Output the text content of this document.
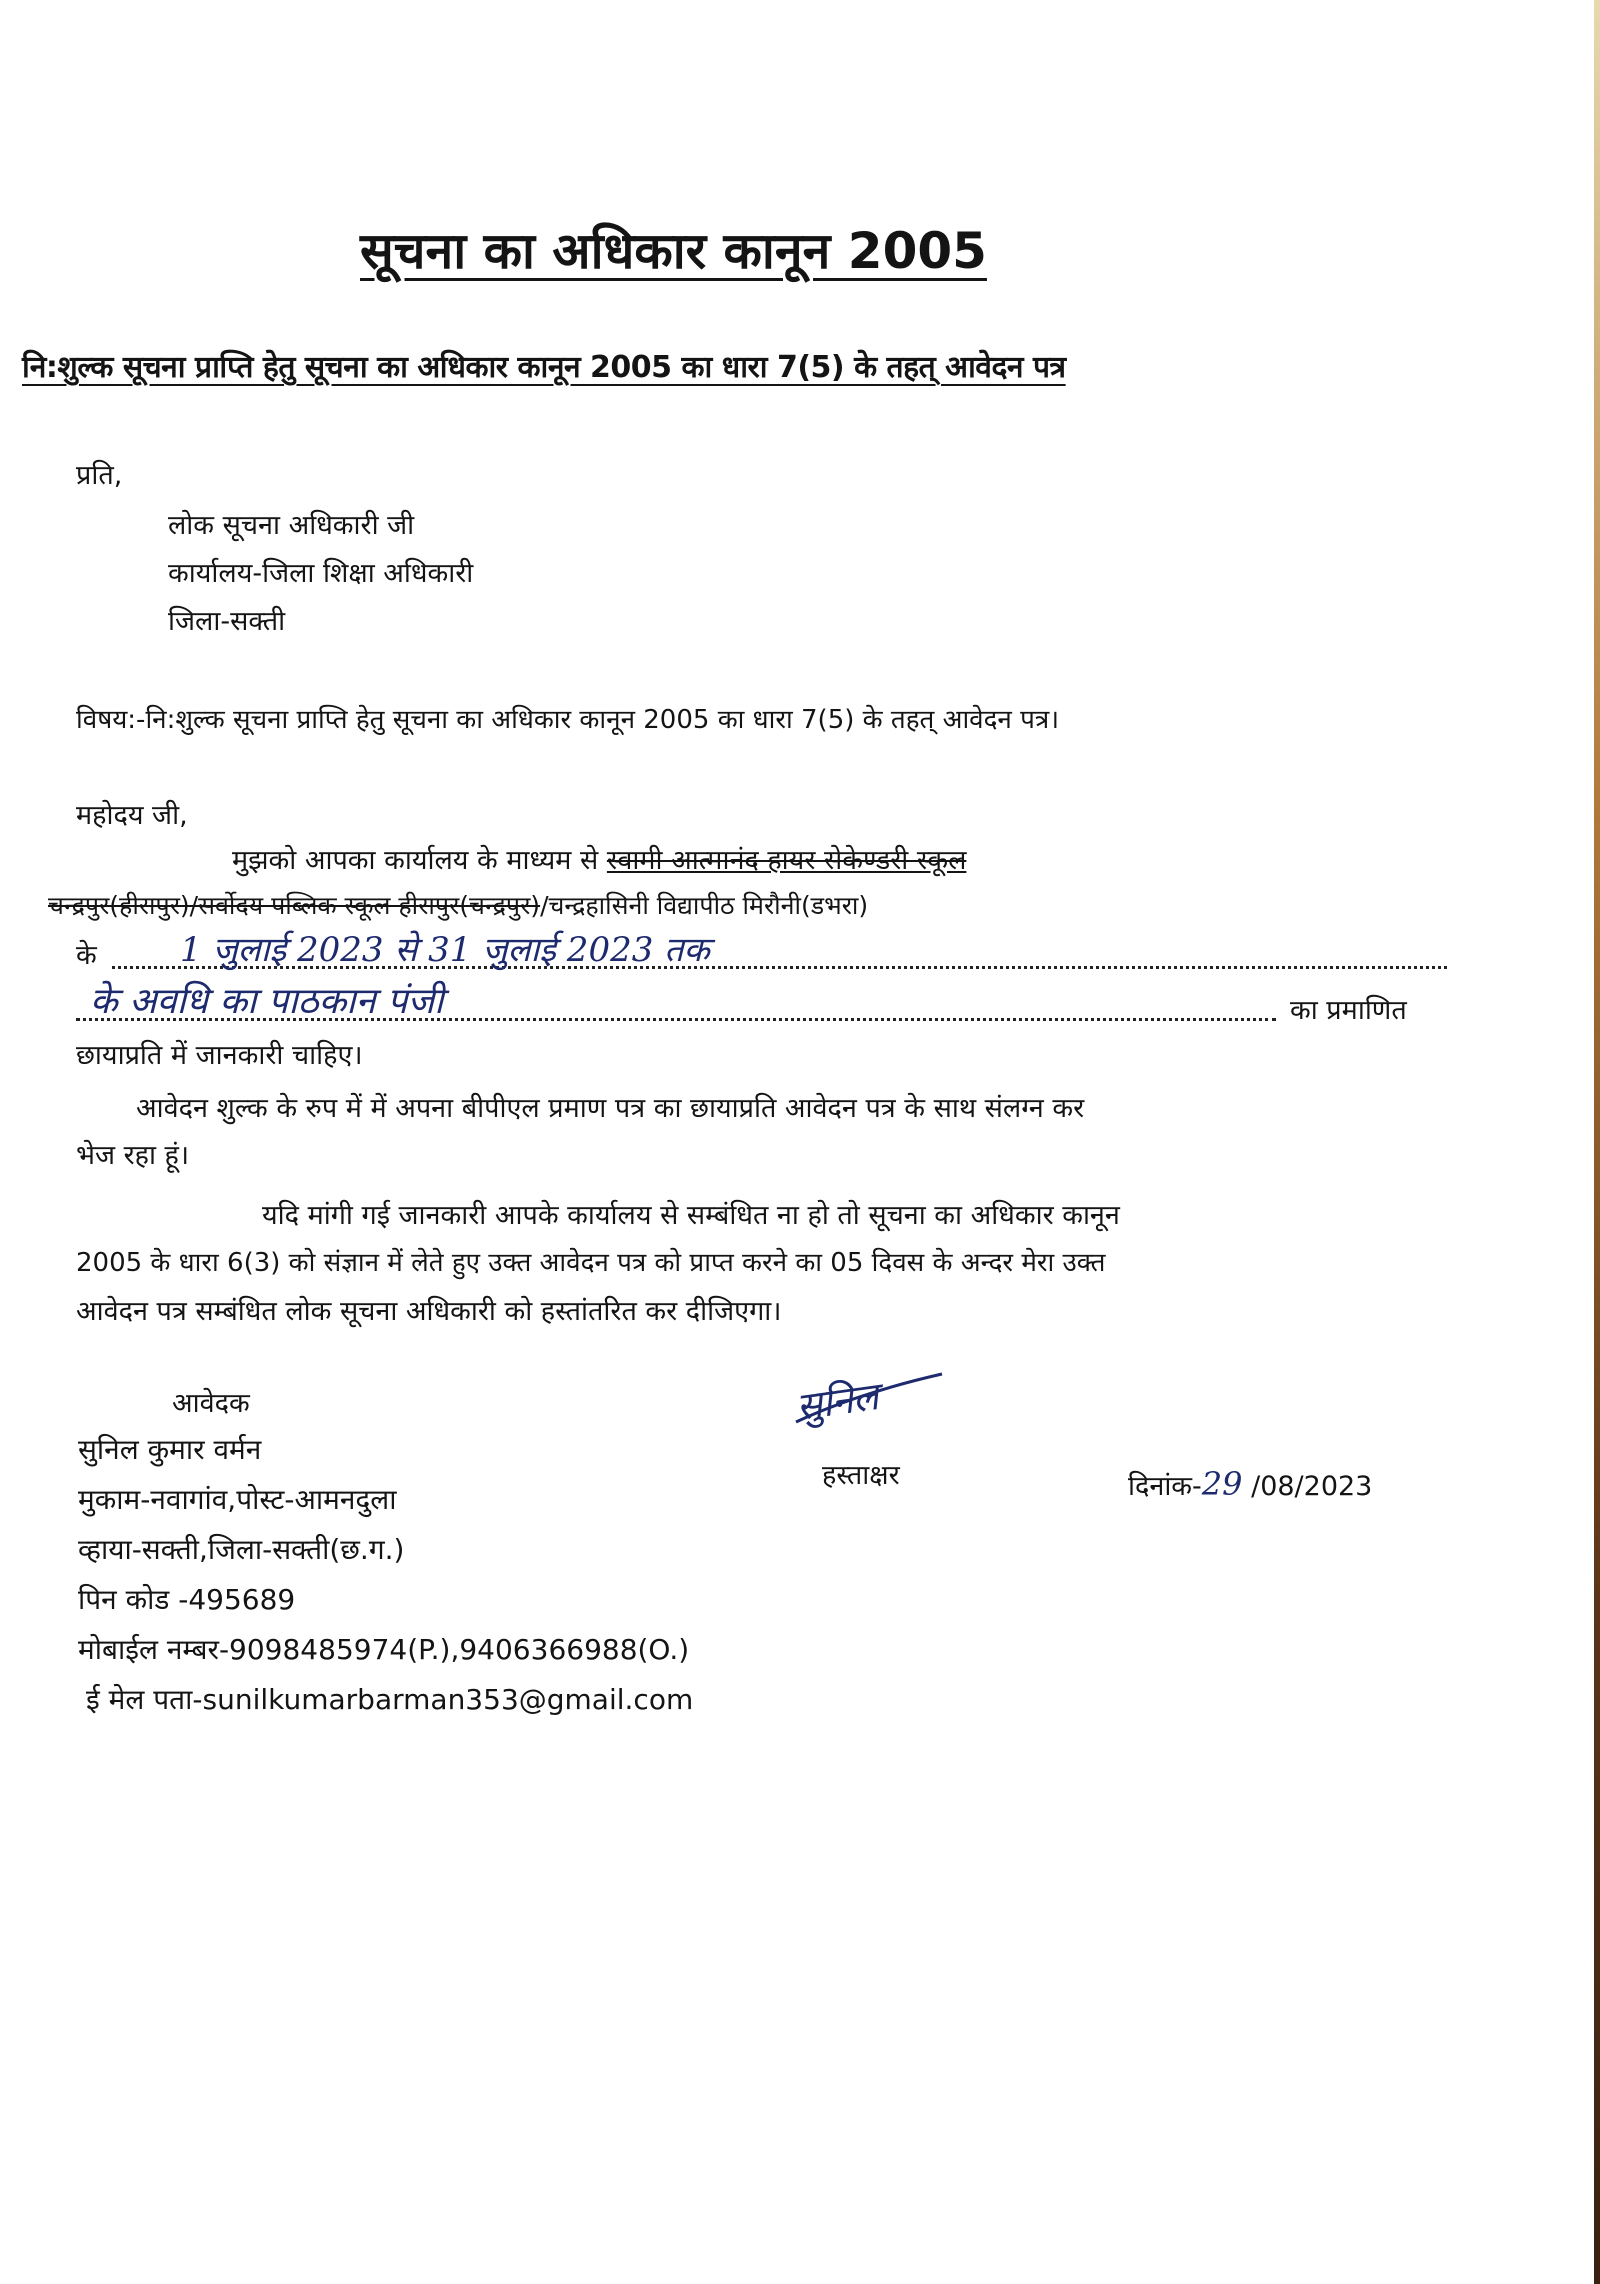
सूचना का अधिकार कानून 2005
नि:शुल्क सूचना प्राप्ति हेतु सूचना का अधिकार कानून 2005 का धारा 7(5) के तहत् आवेदन पत्र
प्रति,
लोक सूचना अधिकारी जी
कार्यालय-जिला शिक्षा अधिकारी
जिला-सक्ती
विषय:-नि:शुल्क सूचना प्राप्ति हेतु सूचना का अधिकार कानून 2005 का धारा 7(5) के तहत् आवेदन पत्र।
महोदय जी,
मुझको आपका कार्यालय के माध्यम से स्वामी आत्मानंद हायर सेकेण्डरी स्कूल
चन्द्रपुर(हीरापुर)/सर्वोदय पब्लिक स्कूल हीरापुर(चन्द्रपुर)/चन्द्रहासिनी विद्यापीठ मिरौनी(डभरा)
के 1 जुलाई 2023 से 31 जुलाई 2023 तक
के अवधि का पाठकान पंजी	का प्रमाणित
छायाप्रति में जानकारी चाहिए।
आवेदन शुल्क के रुप में में अपना बीपीएल प्रमाण पत्र का छायाप्रति आवेदन पत्र के साथ संलग्न कर
भेज रहा हूं।
यदि मांगी गई जानकारी आपके कार्यालय से सम्बंधित ना हो तो सूचना का अधिकार कानून
2005 के धारा 6(3) को संज्ञान में लेते हुए उक्त आवेदन पत्र को प्राप्त करने का 05 दिवस के अन्दर मेरा उक्त
आवेदन पत्र सम्बंधित लोक सूचना अधिकारी को हस्तांतरित कर दीजिएगा।
आवेदक
सुनिल कुमार वर्मन
मुकाम-नवागांव,पोस्ट-आमनदुला
व्हाया-सक्ती,जिला-सक्ती(छ.ग.)
पिन कोड -495689
मोबाईल नम्बर-9098485974(P.),9406366988(O.)
ई मेल पता-sunilkumarbarman353@gmail.com
सुनिल
हस्ताक्षर	दिनांक-29 /08/2023
